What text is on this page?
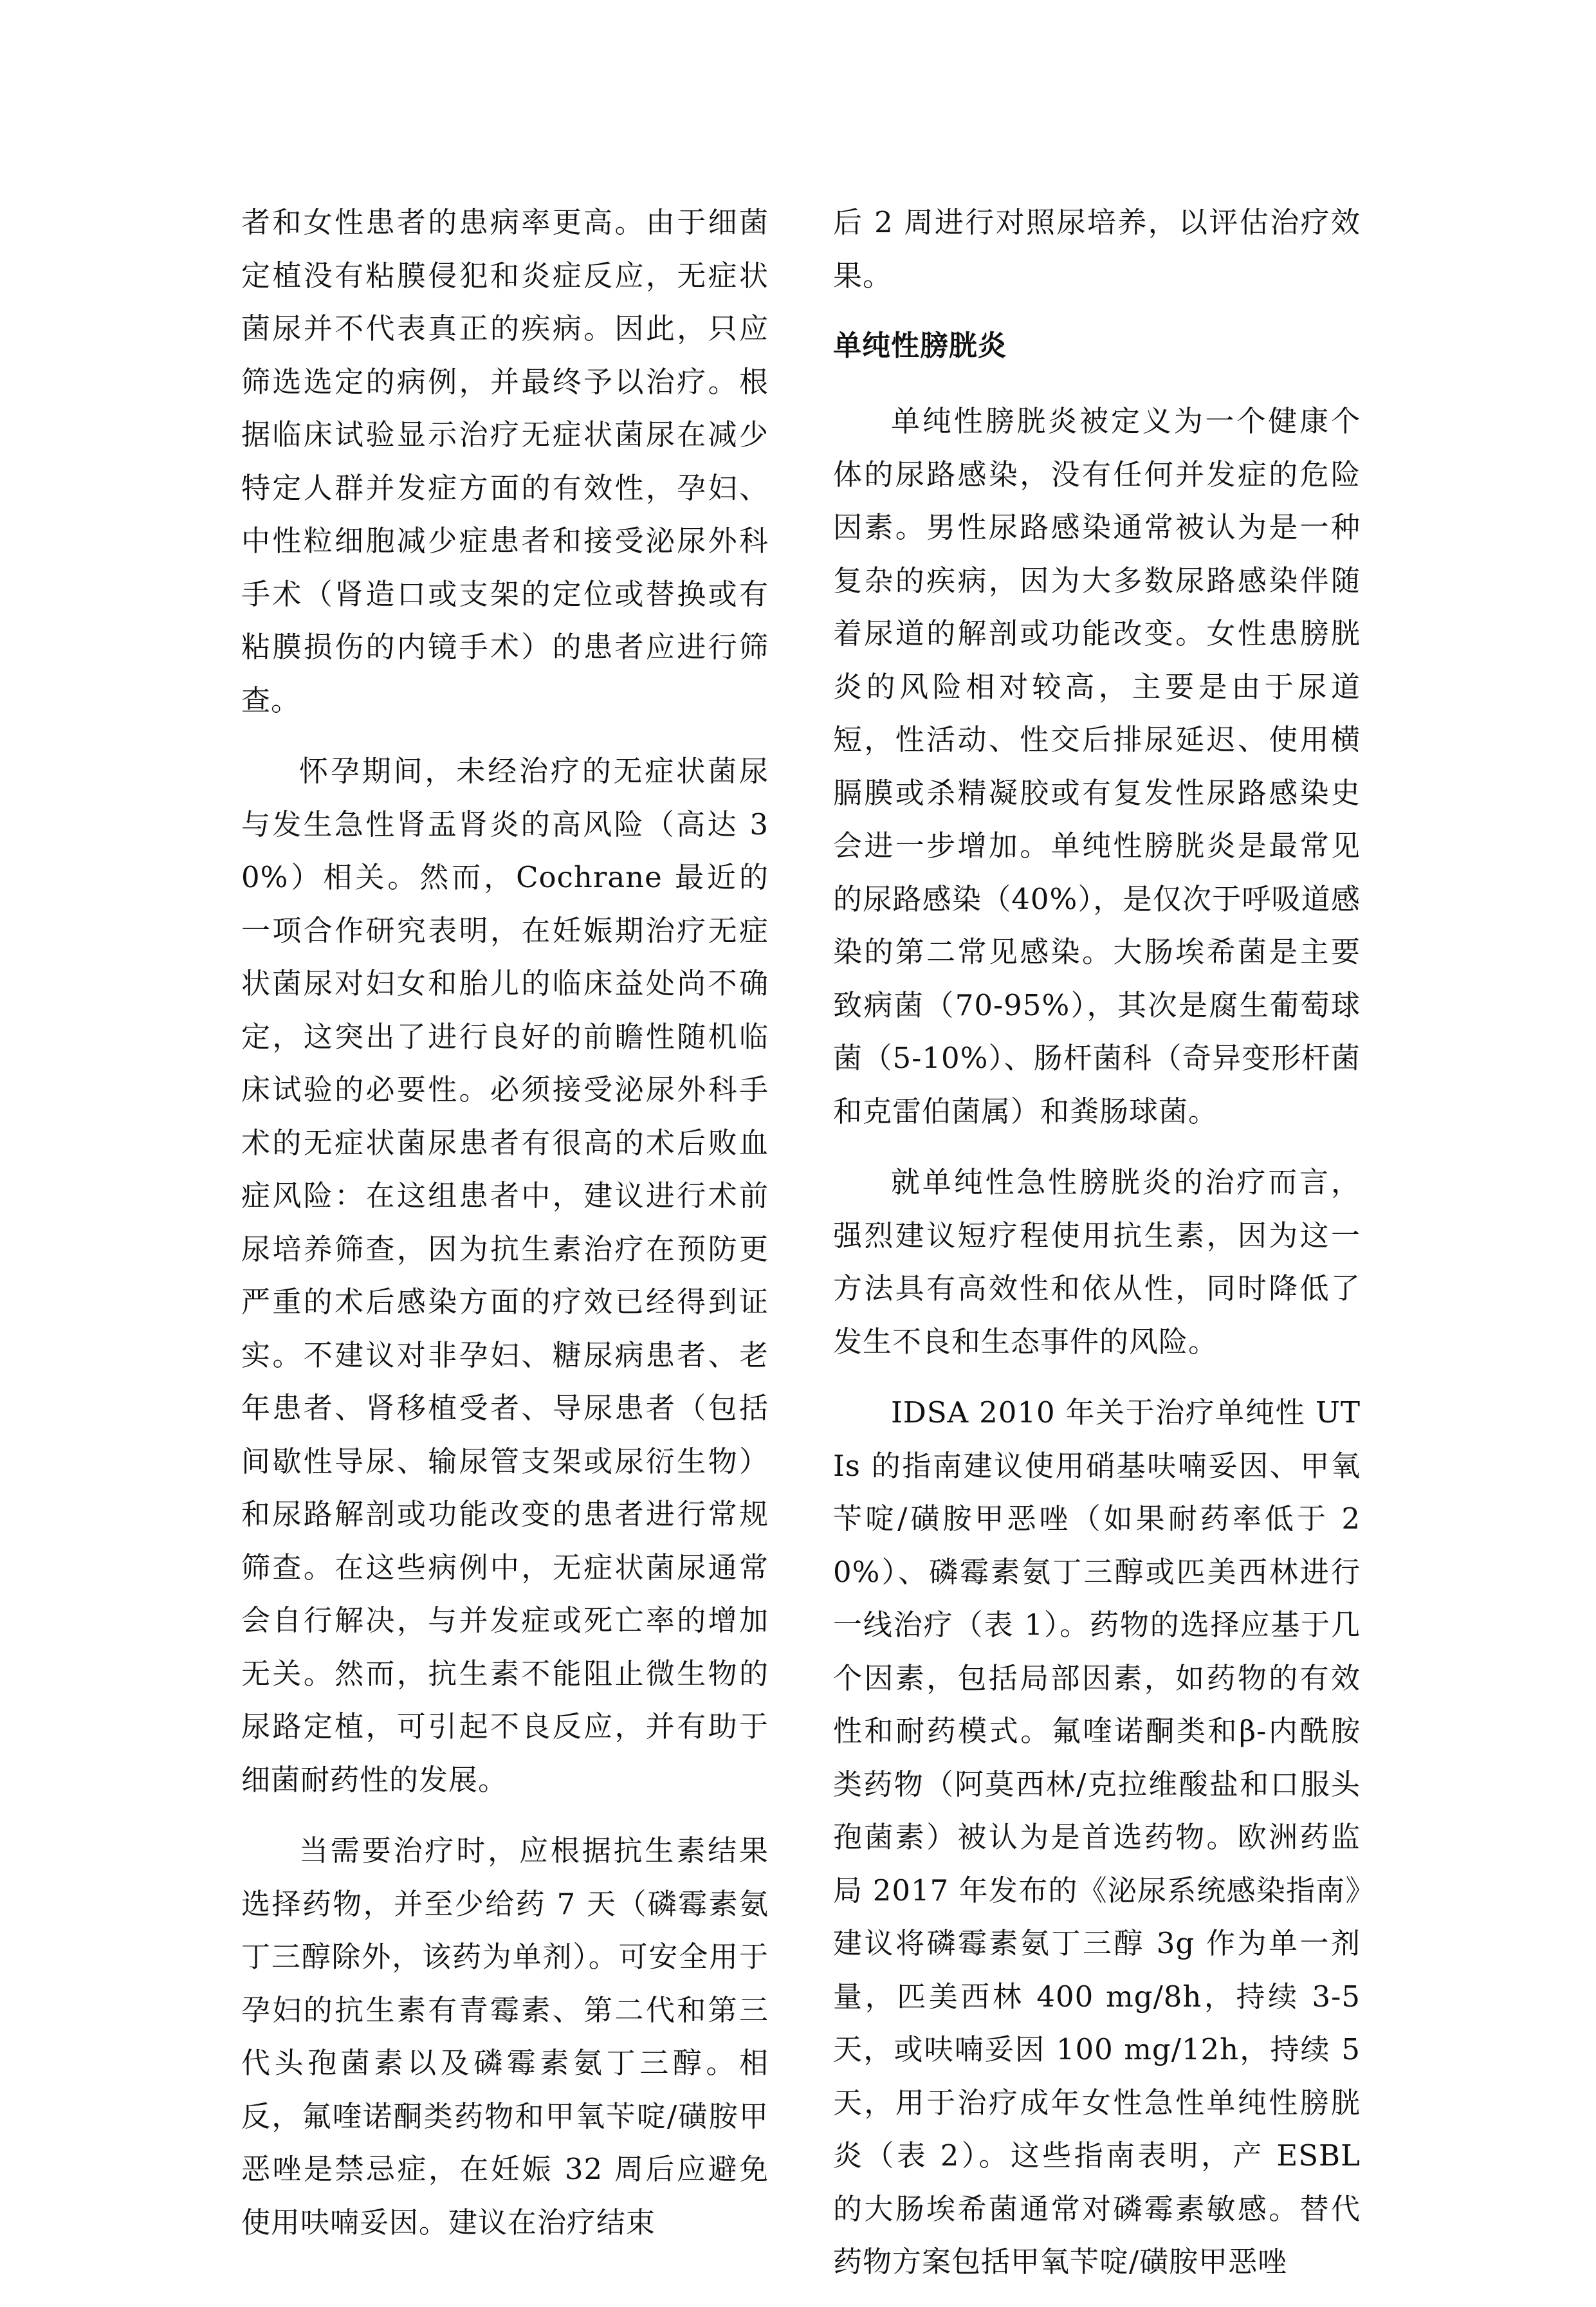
者和女性患者的患病率更高。由于细菌定植没有粘膜侵犯和炎症反应，无症状菌尿并不代表真正的疾病。因此，只应筛选选定的病例，并最终予以治疗。根据临床试验显示治疗无症状菌尿在减少特定人群并发症方面的有效性，孕妇、中性粒细胞减少症患者和接受泌尿外科手术（肾造口或支架的定位或替换或有粘膜损伤的内镜手术）的患者应进行筛查。

怀孕期间，未经治疗的无症状菌尿与发生急性肾盂肾炎的高风险（高达 30%）相关。然而，Cochrane 最近的一项合作研究表明，在妊娠期治疗无症状菌尿对妇女和胎儿的临床益处尚不确定，这突出了进行良好的前瞻性随机临床试验的必要性。必须接受泌尿外科手术的无症状菌尿患者有很高的术后败血症风险：在这组患者中，建议进行术前尿培养筛查，因为抗生素治疗在预防更严重的术后感染方面的疗效已经得到证实。不建议对非孕妇、糖尿病患者、老年患者、肾移植受者、导尿患者（包括间歇性导尿、输尿管支架或尿衍生物）和尿路解剖或功能改变的患者进行常规筛查。在这些病例中，无症状菌尿通常会自行解决，与并发症或死亡率的增加无关。然而，抗生素不能阻止微生物的尿路定植，可引起不良反应，并有助于细菌耐药性的发展。

当需要治疗时，应根据抗生素结果选择药物，并至少给药 7 天（磷霉素氨丁三醇除外，该药为单剂）。可安全用于孕妇的抗生素有青霉素、第二代和第三代头孢菌素以及磷霉素氨丁三醇。相反，氟喹诺酮类药物和甲氧苄啶/磺胺甲恶唑是禁忌症，在妊娠 32 周后应避免使用呋喃妥因。建议在治疗结束

后 2 周进行对照尿培养，以评估治疗效果。

单纯性膀胱炎

单纯性膀胱炎被定义为一个健康个体的尿路感染，没有任何并发症的危险因素。男性尿路感染通常被认为是一种复杂的疾病，因为大多数尿路感染伴随着尿道的解剖或功能改变。女性患膀胱炎的风险相对较高，主要是由于尿道短，性活动、性交后排尿延迟、使用横膈膜或杀精凝胶或有复发性尿路感染史会进一步增加。单纯性膀胱炎是最常见的尿路感染（40%），是仅次于呼吸道感染的第二常见感染。大肠埃希菌是主要致病菌（70-95%），其次是腐生葡萄球菌（5-10%）、肠杆菌科（奇异变形杆菌和克雷伯菌属）和粪肠球菌。

就单纯性急性膀胱炎的治疗而言，强烈建议短疗程使用抗生素，因为这一方法具有高效性和依从性，同时降低了发生不良和生态事件的风险。

IDSA 2010 年关于治疗单纯性 UTIs 的指南建议使用硝基呋喃妥因、甲氧苄啶/磺胺甲恶唑（如果耐药率低于 20%）、磷霉素氨丁三醇或匹美西林进行一线治疗（表 1）。药物的选择应基于几个因素，包括局部因素，如药物的有效性和耐药模式。氟喹诺酮类和β-内酰胺类药物（阿莫西林/克拉维酸盐和口服头孢菌素）被认为是首选药物。欧洲药监局 2017 年发布的《泌尿系统感染指南》建议将磷霉素氨丁三醇 3g 作为单一剂量，匹美西林 400 mg/8h，持续 3-5 天，或呋喃妥因 100 mg/12h，持续 5 天，用于治疗成年女性急性单纯性膀胱炎（表 2）。这些指南表明，产 ESBL 的大肠埃希菌通常对磷霉素敏感。替代药物方案包括甲氧苄啶/磺胺甲恶唑
